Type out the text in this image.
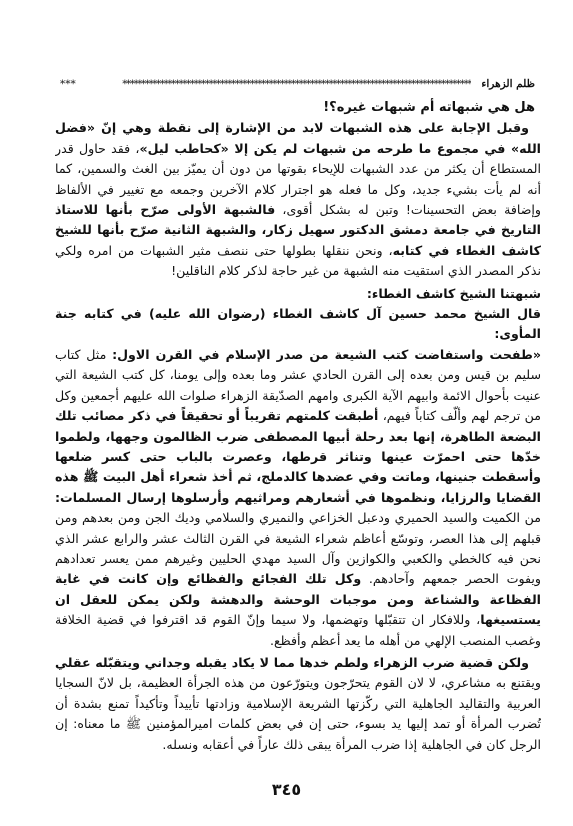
***	********************************************************************************************* ظلم الزهراء

هل هي شبهاته أم شبهات غيره؟!

وقبل الإجابة على هذه الشبهات لابد من الإشارة إلى نقطة وهي إنّ «فضل الله» في مجموع ما طرحه من شبهات لم يكن إلا «كحاطب ليل»، فقد حاول قدر المستطاع أن يكثر من عدد الشبهات للإيحاء بقوتها من دون أن يميّز بين الغث والسمين، كما أنه لم يأت بشيء جديد، وكل ما فعله هو اجترار كلام الآخرين وجمعه مع تغيير في الألفاظ وإضافة بعض التحسينات! وتبن له بشكل أقوى، فالشبهة الأولى صرّح بأنها للاستاذ التاريخ في جامعة دمشق الدكتور سهيل زكار، والشبهة الثانية صرّح بأنها للشيخ كاشف الغطاء في كتابه، ونحن ننقلها بطولها حتى ننصف مثير الشبهات من امره ولكي نذكر المصدر الذي استقيت منه الشبهة من غير حاجة لذكر كلام الناقلين!

شبهتنا الشيخ كاشف الغطاء:

قال الشيخ محمد حسين آل كاشف الغطاء (رضوان الله عليه) في كتابه جنة المأوى:

«طفحت واستفاضت كتب الشيعة من صدر الإسلام في القرن الاول: مثل كتاب سليم بن قيس ومن بعده إلى القرن الحادي عشر وما بعده وإلى يومنا، كل كتب الشيعة التي عنيت بأحوال الائمة وابيهم الآية الكبرى وامهم الصدّيقة الزهراء صلوات الله عليهم أجمعين وكل من ترجم لهم وألّف كتاباً فيهم، أطبقت كلمتهم تقريباً أو تحقيقاً في ذكر مصائب تلك البضعة الطاهرة، إنها بعد رحلة أبيها المصطفى ضرب الظالمون وجهها، ولطموا خدّها حتى احمرّت عينها وتناثر قرطها، وعصرت بالباب حتى كسر ضلعها وأسقطت جنينها، وماتت وفي عضدها كالدملج، ثم أخذ شعراء أهل البيت ﷺ هذه القضايا والرزايا، ونظموها في أشعارهم ومراثيهم وأرسلوها إرسال المسلمات: من الكميت والسيد الحميري ودعبل الخزاعي والنميري والسلامي وديك الجن ومن بعدهم ومن قبلهم إلى هذا العصر، وتوسّع أعاظم شعراء الشيعة في القرن الثالث عشر والرابع عشر الذي نحن فيه كالخطي والكعبي والكوازين وآل السيد مهدي الحليين وغيرهم ممن يعسر تعدادهم ويفوت الحصر جمعهم وآحادهم. وكل تلك الفجائع والفظائع وإن كانت في غاية الفظاعة والشناعة ومن موجبات الوحشة والدهشة ولكن يمكن للعقل ان يستسيغها، وللافكار ان تتقبّلها وتهضمها، ولا سيما وإنّ القوم قد اقترفوا في قضية الخلافة وغصب المنصب الإلهي من أهله ما يعد أعظم وأفظع.

ولكن قضية ضرب الزهراء ولطم خدها مما لا يكاد يقبله وجداني ويتقبّله عقلي ويقتنع به مشاعري، لا لان القوم يتحرّجون ويتورّعون من هذه الجرأة العظيمة، بل لانّ السجايا العربية والتقاليد الجاهلية التي ركّزتها الشريعة الإسلامية وزادتها تأييداً وتأكيداً تمنع بشدة أن تُضرب المرأة أو تمد إليها يد بسوء، حتى إن في بعض كلمات اميرالمؤمنين ﷺ ما معناه: إن الرجل كان في الجاهلية إذا ضرب المرأة يبقى ذلك عاراً في أعقابه ونسله.

٣٤٥
